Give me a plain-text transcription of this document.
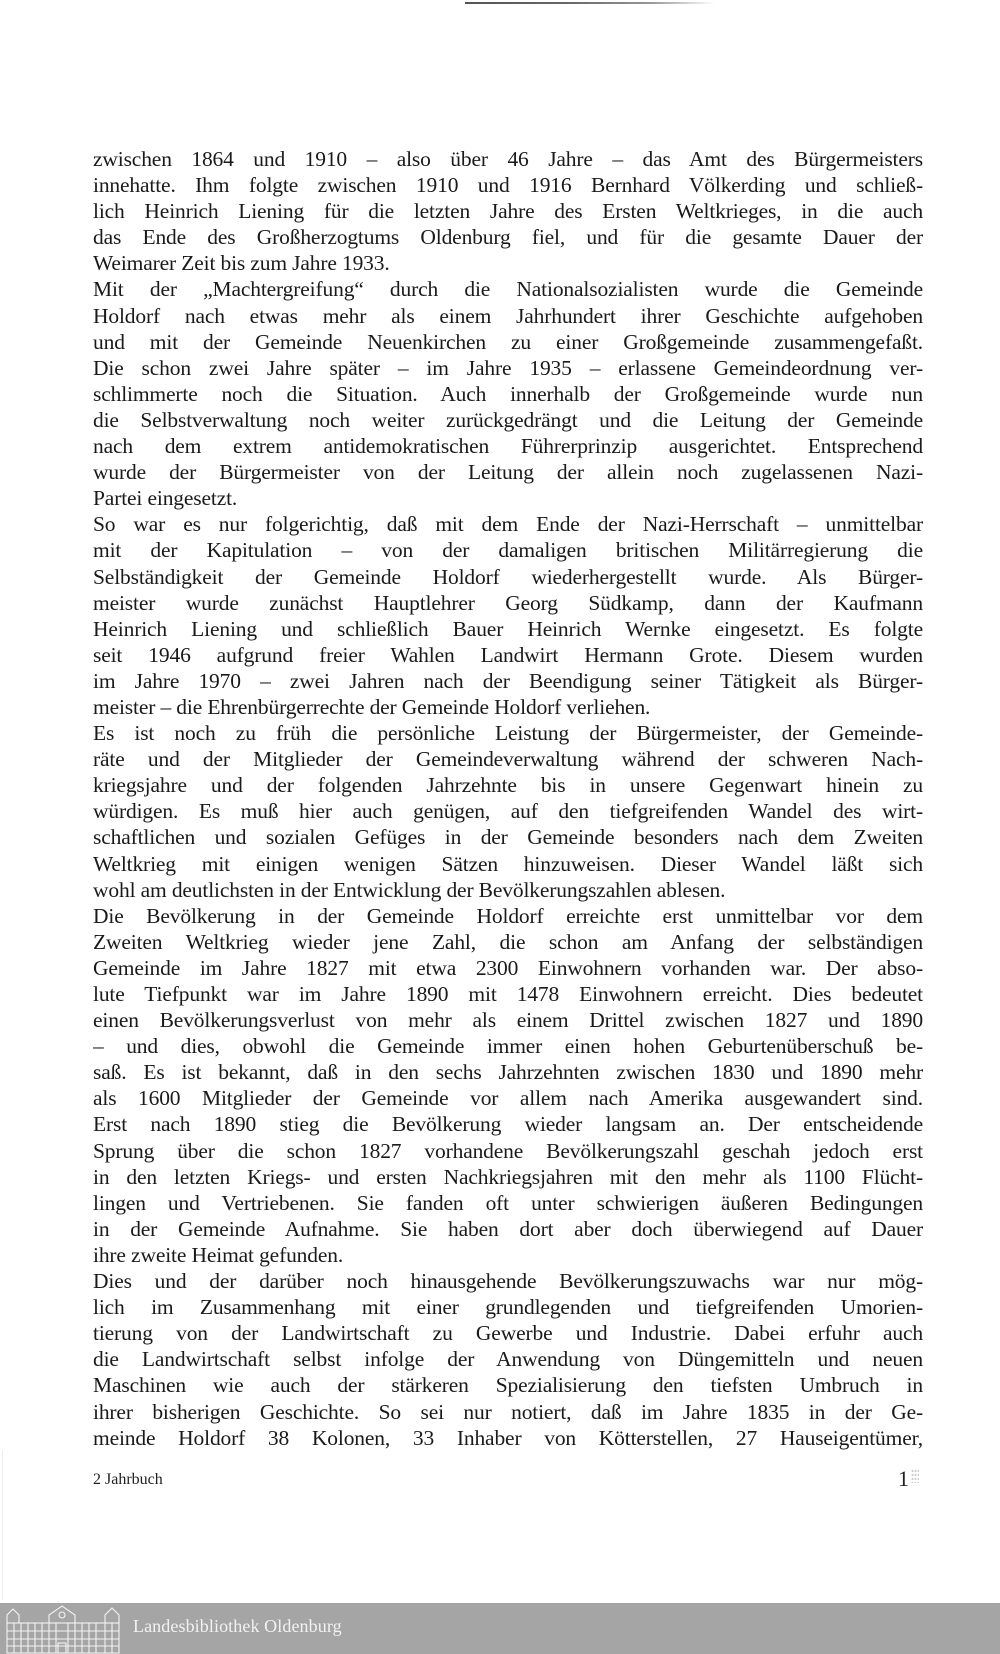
zwischen 1864 und 1910 – also über 46 Jahre – das Amt des Bürgermeisters
innehatte. Ihm folgte zwischen 1910 und 1916 Bernhard Völkerding und schließ-
lich Heinrich Liening für die letzten Jahre des Ersten Weltkrieges, in die auch
das Ende des Großherzogtums Oldenburg fiel, und für die gesamte Dauer der
Weimarer Zeit bis zum Jahre 1933.
Mit der „Machtergreifung“ durch die Nationalsozialisten wurde die Gemeinde
Holdorf nach etwas mehr als einem Jahrhundert ihrer Geschichte aufgehoben
und mit der Gemeinde Neuenkirchen zu einer Großgemeinde zusammengefaßt.
Die schon zwei Jahre später – im Jahre 1935 – erlassene Gemeindeordnung ver-
schlimmerte noch die Situation. Auch innerhalb der Großgemeinde wurde nun
die Selbstverwaltung noch weiter zurückgedrängt und die Leitung der Gemeinde
nach dem extrem antidemokratischen Führerprinzip ausgerichtet. Entsprechend
wurde der Bürgermeister von der Leitung der allein noch zugelassenen Nazi-
Partei eingesetzt.
So war es nur folgerichtig, daß mit dem Ende der Nazi-Herrschaft – unmittelbar
mit der Kapitulation – von der damaligen britischen Militärregierung die
Selbständigkeit der Gemeinde Holdorf wiederhergestellt wurde. Als Bürger-
meister wurde zunächst Hauptlehrer Georg Südkamp, dann der Kaufmann
Heinrich Liening und schließlich Bauer Heinrich Wernke eingesetzt. Es folgte
seit 1946 aufgrund freier Wahlen Landwirt Hermann Grote. Diesem wurden
im Jahre 1970 – zwei Jahren nach der Beendigung seiner Tätigkeit als Bürger-
meister – die Ehrenbürgerrechte der Gemeinde Holdorf verliehen.
Es ist noch zu früh die persönliche Leistung der Bürgermeister, der Gemeinde-
räte und der Mitglieder der Gemeindeverwaltung während der schweren Nach-
kriegsjahre und der folgenden Jahrzehnte bis in unsere Gegenwart hinein zu
würdigen. Es muß hier auch genügen, auf den tiefgreifenden Wandel des wirt-
schaftlichen und sozialen Gefüges in der Gemeinde besonders nach dem Zweiten
Weltkrieg mit einigen wenigen Sätzen hinzuweisen. Dieser Wandel läßt sich
wohl am deutlichsten in der Entwicklung der Bevölkerungszahlen ablesen.
Die Bevölkerung in der Gemeinde Holdorf erreichte erst unmittelbar vor dem
Zweiten Weltkrieg wieder jene Zahl, die schon am Anfang der selbständigen
Gemeinde im Jahre 1827 mit etwa 2300 Einwohnern vorhanden war. Der abso-
lute Tiefpunkt war im Jahre 1890 mit 1478 Einwohnern erreicht. Dies bedeutet
einen Bevölkerungsverlust von mehr als einem Drittel zwischen 1827 und 1890
– und dies, obwohl die Gemeinde immer einen hohen Geburtenüberschuß be-
saß. Es ist bekannt, daß in den sechs Jahrzehnten zwischen 1830 und 1890 mehr
als 1600 Mitglieder der Gemeinde vor allem nach Amerika ausgewandert sind.
Erst nach 1890 stieg die Bevölkerung wieder langsam an. Der entscheidende
Sprung über die schon 1827 vorhandene Bevölkerungszahl geschah jedoch erst
in den letzten Kriegs- und ersten Nachkriegsjahren mit den mehr als 1100 Flücht-
lingen und Vertriebenen. Sie fanden oft unter schwierigen äußeren Bedingungen
in der Gemeinde Aufnahme. Sie haben dort aber doch überwiegend auf Dauer
ihre zweite Heimat gefunden.
Dies und der darüber noch hinausgehende Bevölkerungszuwachs war nur mög-
lich im Zusammenhang mit einer grundlegenden und tiefgreifenden Umorien-
tierung von der Landwirtschaft zu Gewerbe und Industrie. Dabei erfuhr auch
die Landwirtschaft selbst infolge der Anwendung von Düngemitteln und neuen
Maschinen wie auch der stärkeren Spezialisierung den tiefsten Umbruch in
ihrer bisherigen Geschichte. So sei nur notiert, daß im Jahre 1835 in der Ge-
meinde Holdorf 38 Kolonen, 33 Inhaber von Kötterstellen, 27 Hauseigentümer,
2 Jahrbuch	1
Landesbibliothek Oldenburg
